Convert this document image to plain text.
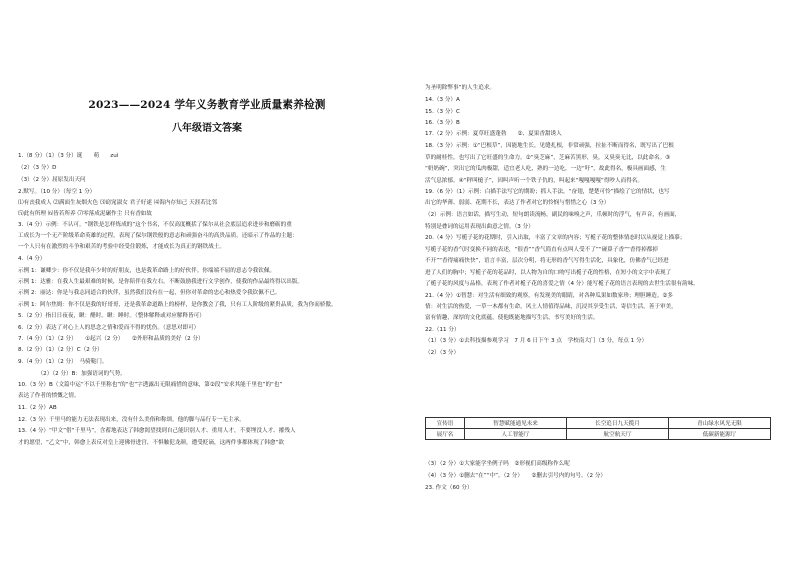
2023——2024 学年义务教育学业质量素养检测
八年级语文答案
1.（8 分）（1）（3 分）诞　　萌　　zuì
（2）（3 分）D
（3）（2 分）屈原发出天问
2.默写。（10 分）（每空 1 分）
⑴有丧我成人 ⑵满面生灰烟火色 ⑶窈窕淑女 君子好逑 ⑷海内存知己 天涯若比邻
⑸此有所理 ⑹皆若所养 ⑺零落成泥碾作尘 只有香如故
3.（4 分）示例：不认可。“钢铁是怎样炼成的”这个书名，不仅高度概括了保尔从社会底层追求进步和磨砺的重
工成长为一个无产阶级革命英雄的过程，表现了保尔钢铁般的意志和顽强奋斗的高贵品质，还暗示了作品的主题：
一个人只有在激烈的斗争和艰苦的考验中经受住锻炼，才能成长为真正的钢铁战士。
4.（4 分）
示例 1：谦卿少：你不仅是我年少时的好朋友，也是我革命路上的好伙伴。你端端不屈的意志令我钦佩。
示例 1：达雅：在我人生最艰难的时候，是你陪伴在我左右，不断鼓励我进行文学创作，使我的作品最终得以出版。
示例 2：丽达：你是与我志同道合的伙伴，虽然我们没有在一起，但你对革命的忠心和热爱令我钦佩不已。
示例 1：阿尔焦姆：你不仅是我的好哥哥，还是我革命道路上的榜样，是你教会了我，只有工人阶级的紧贵品质，我为你而骄傲。
5.（2 分）指日日夜夜，瞅：醋时。瞅：睡时。（整体解释或对应解释皆可）
6.（2 分）表达了对心上人的思念之情和爱而不得的忧伤。（意思对即可）
7.（4 分）（1）（2 分）　　①起兴（2 分）　　②外形和品质的美好（2 分）
8.（2 分）（1）（2 分）C（2 分）
9.（4 分）（1）（2 分）　马骑鞑门。
　　　　（2）（2 分）B：加强语词的气势。
10.（3 分）B（文篇中运“不以千里称也”的“也”字透露出无限痛惜的意味，第②段“安求其能千里也”的“也”
表达了作者的愤慨之情。
11.（2 分）AB
12.（3 分）千里马的能力无法表现出来，没有什么美俗和称颂，他的脚与品行专一无主承。
13.（4 分）“甲文”借“千里马”，含蓄地表达了韩愈渴望找到自己能识别人才、重用人才，不要埋没人才、摧残人
才的愿望，“乙文”中，韩愈上表反对皇上迎佛骨进宫，不惧触犯龙颜，遭受贬谪，这两件事都体现了韩愈“欲
为圣明除弊事”的人生追求。
14.（3 分）A
15.（3 分）C
16.（3 分）B
17.（2 分）示例：夏草旺盛蓬勃　　②、夏果香甜诱人
18.（3 分）示例：①“巴根草”，因能地生长，见缝扎根，非常顽强，拉扯不断而得名，既写出了巴根
草的耐桂性，也写出了它旺盛的生命力。②“臭芝麻”，芝麻苦黑形，臭，又臭臭无比，以此命名。③
“奶奶碗”，突出它的瓜肉极甜，适宜老人吃，熟的一边吃，一边“吁”，故此得名，极具画面感，生
活气息浓郁。④“秤叫槌子”，因叫声听一个铁子仇的，叫起来“嘎嘎嘎嘎”得吵人而得名。
19.（6 分）（1）示例：白描手法写它的期盼；抓人手法，“奋翅，楚楚可怜”描绘了它的情状，也写
出它的华薄、弱弱、花期不长，表达了作者对它的怜悯与惜惜之心（3 分）
（2）示例：语言如话，描写生动，短句朗读流畅，副民的味嗅之声，爪顿时的浮气，有声音，有画面，
特别是叠词的运用表现出曲意之情。（3 分）
20.（4 分）写栀子花的花期时，引入出取，丰富了文章的内容；写栀子花的整体情态时以从视觉上描摹；
写栀子花的香气时变换不同的表述，“很香”“香气简直有点叫人受不了”“碰鼻子香”“香得掉都掉
不开”“香得痛痛快快”，语言丰富，层次分明，将无形的香气写得生活化，具象化，仿佛香气已经进
进了人们的胸中；写栀子花的花品时，以人物为自的口吻写出栀子花的性格，在短小的文字中表现了
了栀子花的风度与品格，表现了作者对栀子花的喜爱之情（4 分）能写栀子花的语言表现的去世生活很有韵味。
21.（4 分）①智慧：对生活有细致的观察，有发现美的眼睛，对各种瓜果如数家珍；理胆睡造。②多
情：对生活的热爱，一草一木都有生命，风土人情值得品味，沉浸其享受生活，寄信生活，善于审美，
富有情趣，深厚的文化底蕴，使他既能地描写生活，书写美好的生活。
22.（11 分）
（1）（3 分）①去科技描参观学习　7 月 6 日下午 3 点　学校南大门（3 分，每点 1 分）
（2）（3 分）
（3）（2 分）①大家能学坐例子吗　②形视们高级称作么呢
（4）（3 分）①删去“在”“中”。（2 分）　　②删去引号内的句号。（2 分）
23. 作文（60 分）
宣传语	智慧赋能通见未来	长空追日九天揽月	青山绿水风光无限
展厅名	人工智能厅	航空航天厅	低碳新能源厅
